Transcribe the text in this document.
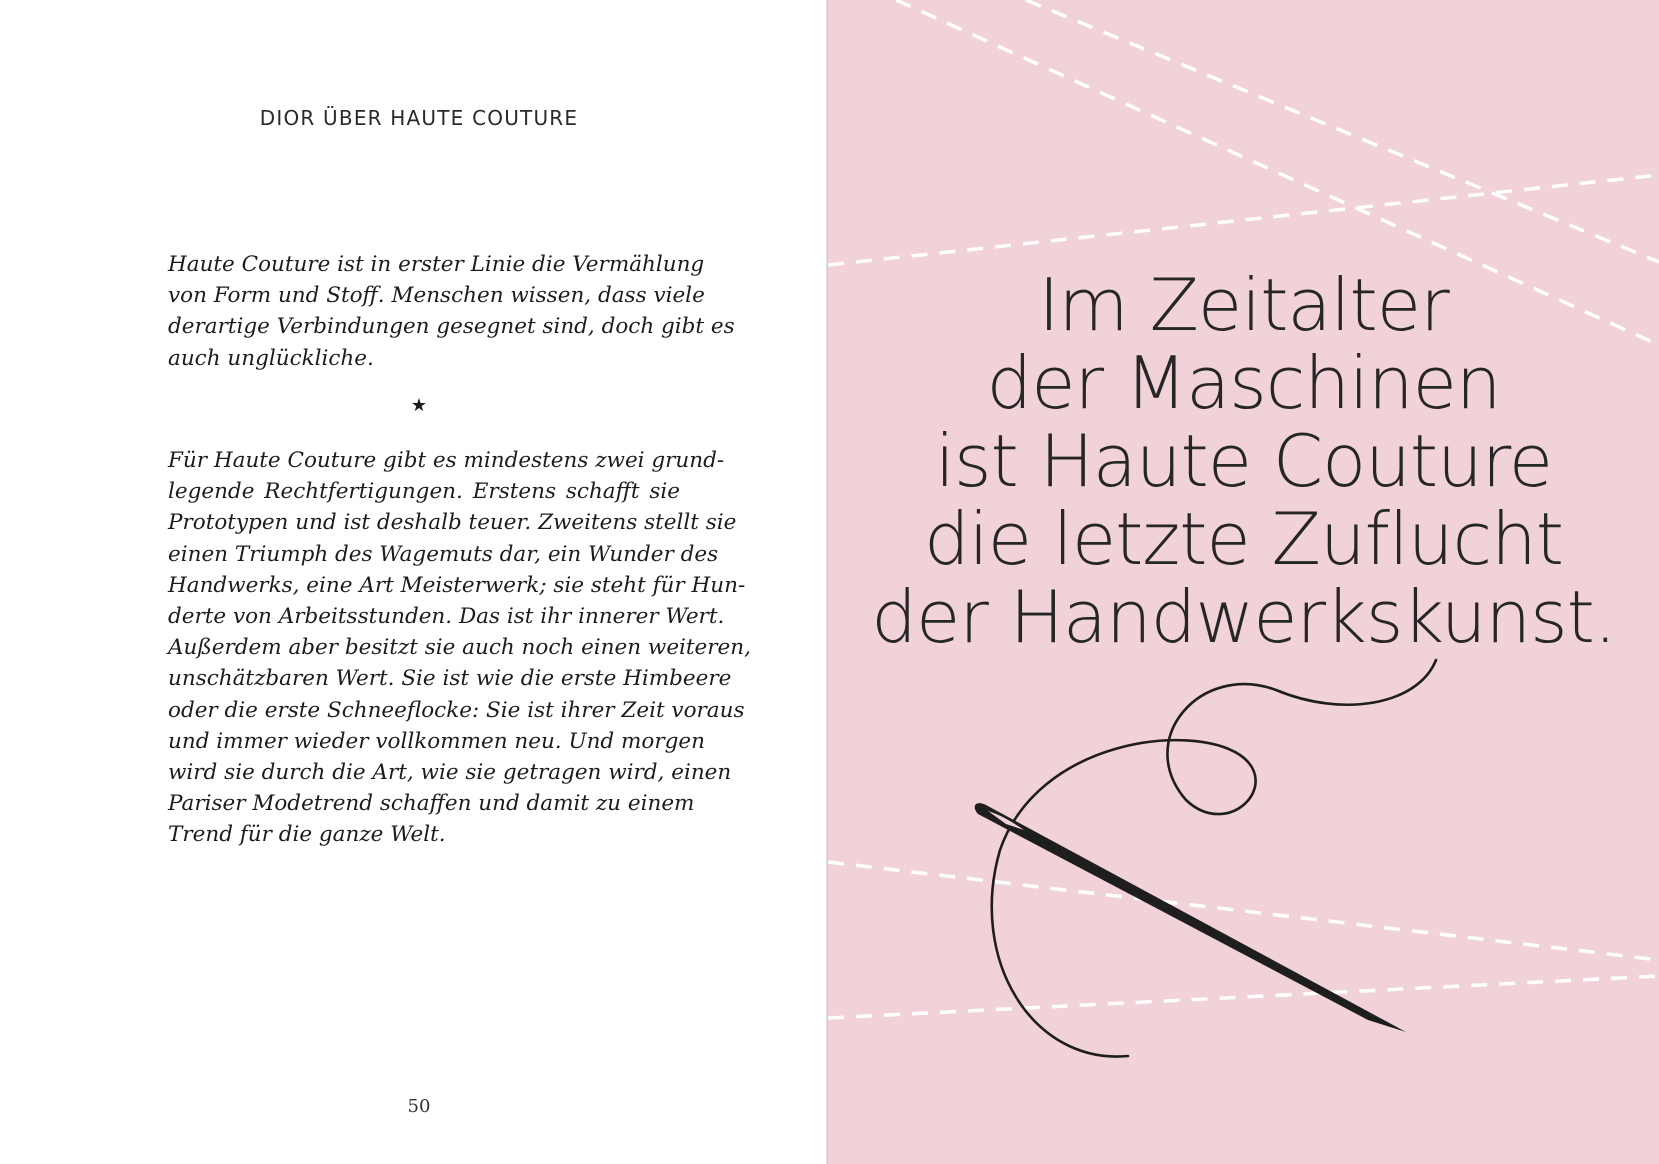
DIOR ÜBER HAUTE COUTURE

Haute Couture ist in erster Linie die Vermählung
von Form und Stoff. Menschen wissen, dass viele
derartige Verbindungen gesegnet sind, doch gibt es
auch unglückliche.

★

Für Haute Couture gibt es mindestens zwei grund-
legende Rechtfertigungen. Erstens schafft sie
Prototypen und ist deshalb teuer. Zweitens stellt sie
einen Triumph des Wagemuts dar, ein Wunder des
Handwerks, eine Art Meisterwerk; sie steht für Hun-
derte von Arbeitsstunden. Das ist ihr innerer Wert.
Außerdem aber besitzt sie auch noch einen weiteren,
unschätzbaren Wert. Sie ist wie die erste Himbeere
oder die erste Schneeflocke: Sie ist ihrer Zeit voraus
und immer wieder vollkommen neu. Und morgen
wird sie durch die Art, wie sie getragen wird, einen
Pariser Modetrend schaffen und damit zu einem
Trend für die ganze Welt.

50
Im Zeitalter
der Maschinen
ist Haute Couture
die letzte Zuflucht
der Handwerkskunst.
